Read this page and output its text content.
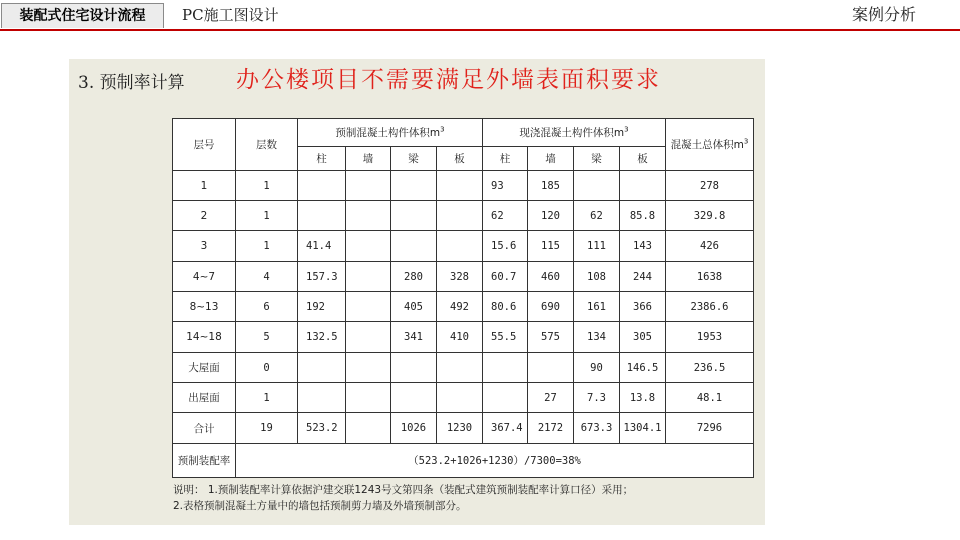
装配式住宅设计流程	PC施工图设计	案例分析
3. 预制率计算 办公楼项目不需要满足外墙表面积要求
层号	层数	预制混凝土构件体积$m^3$				现浇混凝土构件体积$m^3$				混凝土总体积$m^3$
		柱	墙	梁	板	柱	墙	梁	板	
1	1					93	185			278
2	1					62	120	62	85.8	329.8
3	1	41.4				15.6	115	111	143	426
4~7	4	157.3		280	328	60.7	460	108	244	1638
8~13	6	192		405	492	80.6	690	161	366	2386.6
14~18	5	132.5		341	410	55.5	575	134	305	1953
大屋面	0							90	146.5	236.5
出屋面	1						27	7.3	13.8	48.1
合计	19	523.2		1026	1230	367.4	2172	673.3	1304.1	7296
预制装配率	（523.2+1026+1230）/7300=38%									
说明： 1.预制装配率计算依据沪建交联1243号文第四条（装配式建筑预制装配率计算口径）采用；
2.表格预制混凝土方量中的墙包括预制剪力墙及外墙预制部分。
